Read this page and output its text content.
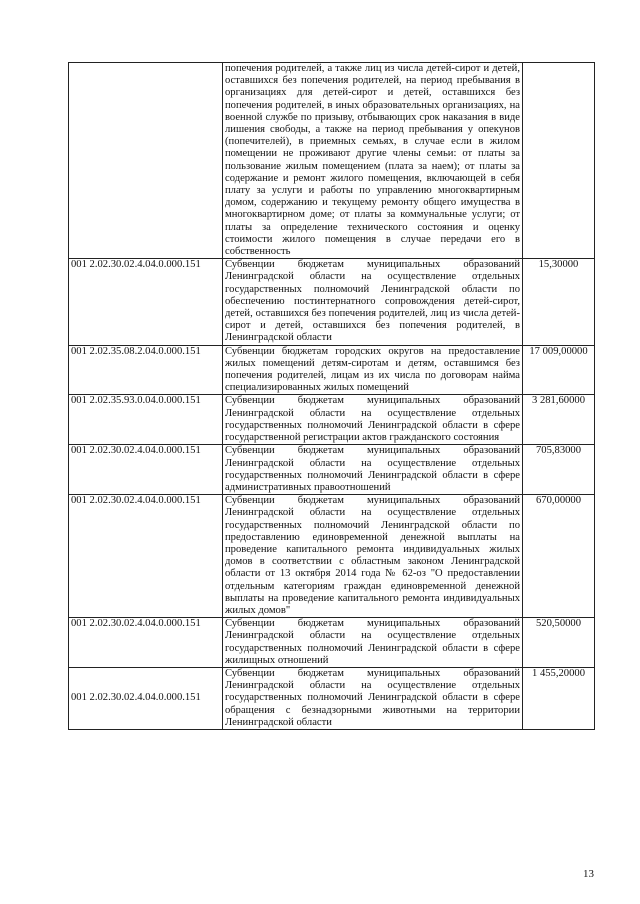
	попечения родителей, а также лиц из числа детей-сирот и детей, оставшихся без попечения родителей, на период пребывания в организациях для детей-сирот и детей, оставшихся без попечения родителей, в иных образовательных организациях, на военной службе по призыву, отбывающих срок наказания в виде лишения свободы, а также на период пребывания у опекунов (попечителей), в приемных семьях, в случае если в жилом помещении не проживают другие члены семьи: от платы за пользование жилым помещением (плата за наем); от платы за содержание и ремонт жилого помещения, включающей в себя плату за услуги и работы по управлению многоквартирным домом, содержанию и текущему ремонту общего имущества в многоквартирном доме; от платы за коммунальные услуги; от платы за определение технического состояния и оценку стоимости жилого помещения в случае передачи его в собственность	
001 2.02.30.02.4.04.0.000.151	Субвенции бюджетам муниципальных образований Ленинградской области на осуществление отдельных государственных полномочий Ленинградской области по обеспечению постинтернатного сопровождения детей-сирот, детей, оставшихся без попечения родителей, лиц из числа детей-сирот и детей, оставшихся без попечения родителей, в Ленинградской области	15,30000
001 2.02.35.08.2.04.0.000.151	Субвенции бюджетам городских округов на предоставление жилых помещений детям-сиротам и детям, оставшимся без попечения родителей, лицам из их числа по договорам найма специализированных жилых помещений	17 009,00000
001 2.02.35.93.0.04.0.000.151	Субвенции бюджетам муниципальных образований Ленинградской области на осуществление отдельных государственных полномочий Ленинградской области в сфере государственной регистрации актов гражданского состояния	3 281,60000
001 2.02.30.02.4.04.0.000.151	Субвенции бюджетам муниципальных образований Ленинградской области на осуществление отдельных государственных полномочий Ленинградской области в сфере административных правоотношений	705,83000
001 2.02.30.02.4.04.0.000.151	Субвенции бюджетам муниципальных образований Ленинградской области на осуществление отдельных государственных полномочий Ленинградской области по предоставлению единовременной денежной выплаты на проведение капитального ремонта индивидуальных жилых домов в соответствии с областным законом Ленинградской области от 13 октября 2014 года № 62-оз "О предоставлении отдельным категориям граждан единовременной денежной выплаты на проведение капитального ремонта индивидуальных жилых домов"	670,00000
001 2.02.30.02.4.04.0.000.151	Субвенции бюджетам муниципальных образований Ленинградской области на осуществление отдельных государственных полномочий Ленинградской области в сфере жилищных отношений	520,50000
001 2.02.30.02.4.04.0.000.151	Субвенции бюджетам муниципальных образований Ленинградской области на осуществление отдельных государственных полномочий Ленинградской области в сфере обращения с безнадзорными животными на территории Ленинградской области	1 455,20000
13
